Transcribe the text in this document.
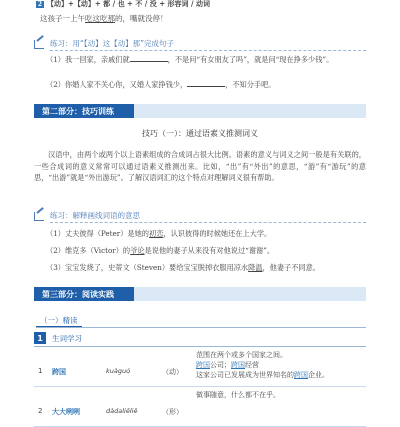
2 【动】+【动】+ 都 / 也 + 不 / 没 + 形容词 / 动词
这孩子一上午吃这吃那的，嘴就没停！
练习：用“【动】这【动】那”完成句子
（1）我一回家，亲戚们就	，不是问“有女朋友了吗”，就是问“现在挣多少钱”。
（2）你婚人家不关心你，又婚人家挣钱少，	，不知分手吧。
第二部分：技巧训练
技巧（一）：通过语素义推测词义
汉语中，由两个或两个以上语素组成的合成词占很大比例。语素的意义与词义之间一般是有关联的，一些合成词的意义常常可以通过语素义推测出来。比如，“出”有“外出”的意思，“游”有“游玩”的意思，“出游”就是“外出游玩”。了解汉语词汇的这个特点对理解词义很有帮助。
练习：解释画线词语的意思
（1）丈夫彼得（Peter）是她的初恋，认识彼得的时候她还在上大学。
（2）维克多（Victor）的爷论是说他的妻子从来没有对他说过“谢谢”。
（3）宝宝发烧了，史蒂文（Steven）要给宝宝脱掉衣服用凉水降温，他妻子不同意。
第三部分：阅读实践
（一）精读
1	生词学习
1	跨国	kuàguó	（动）
范围在两个或多个国家之间。
跨国公司；跨国经营
这家公司已发展成为世界知名的跨国企业。
2	大大咧咧	dàdaliēliē	（形）
做事随意，什么都不在乎。
